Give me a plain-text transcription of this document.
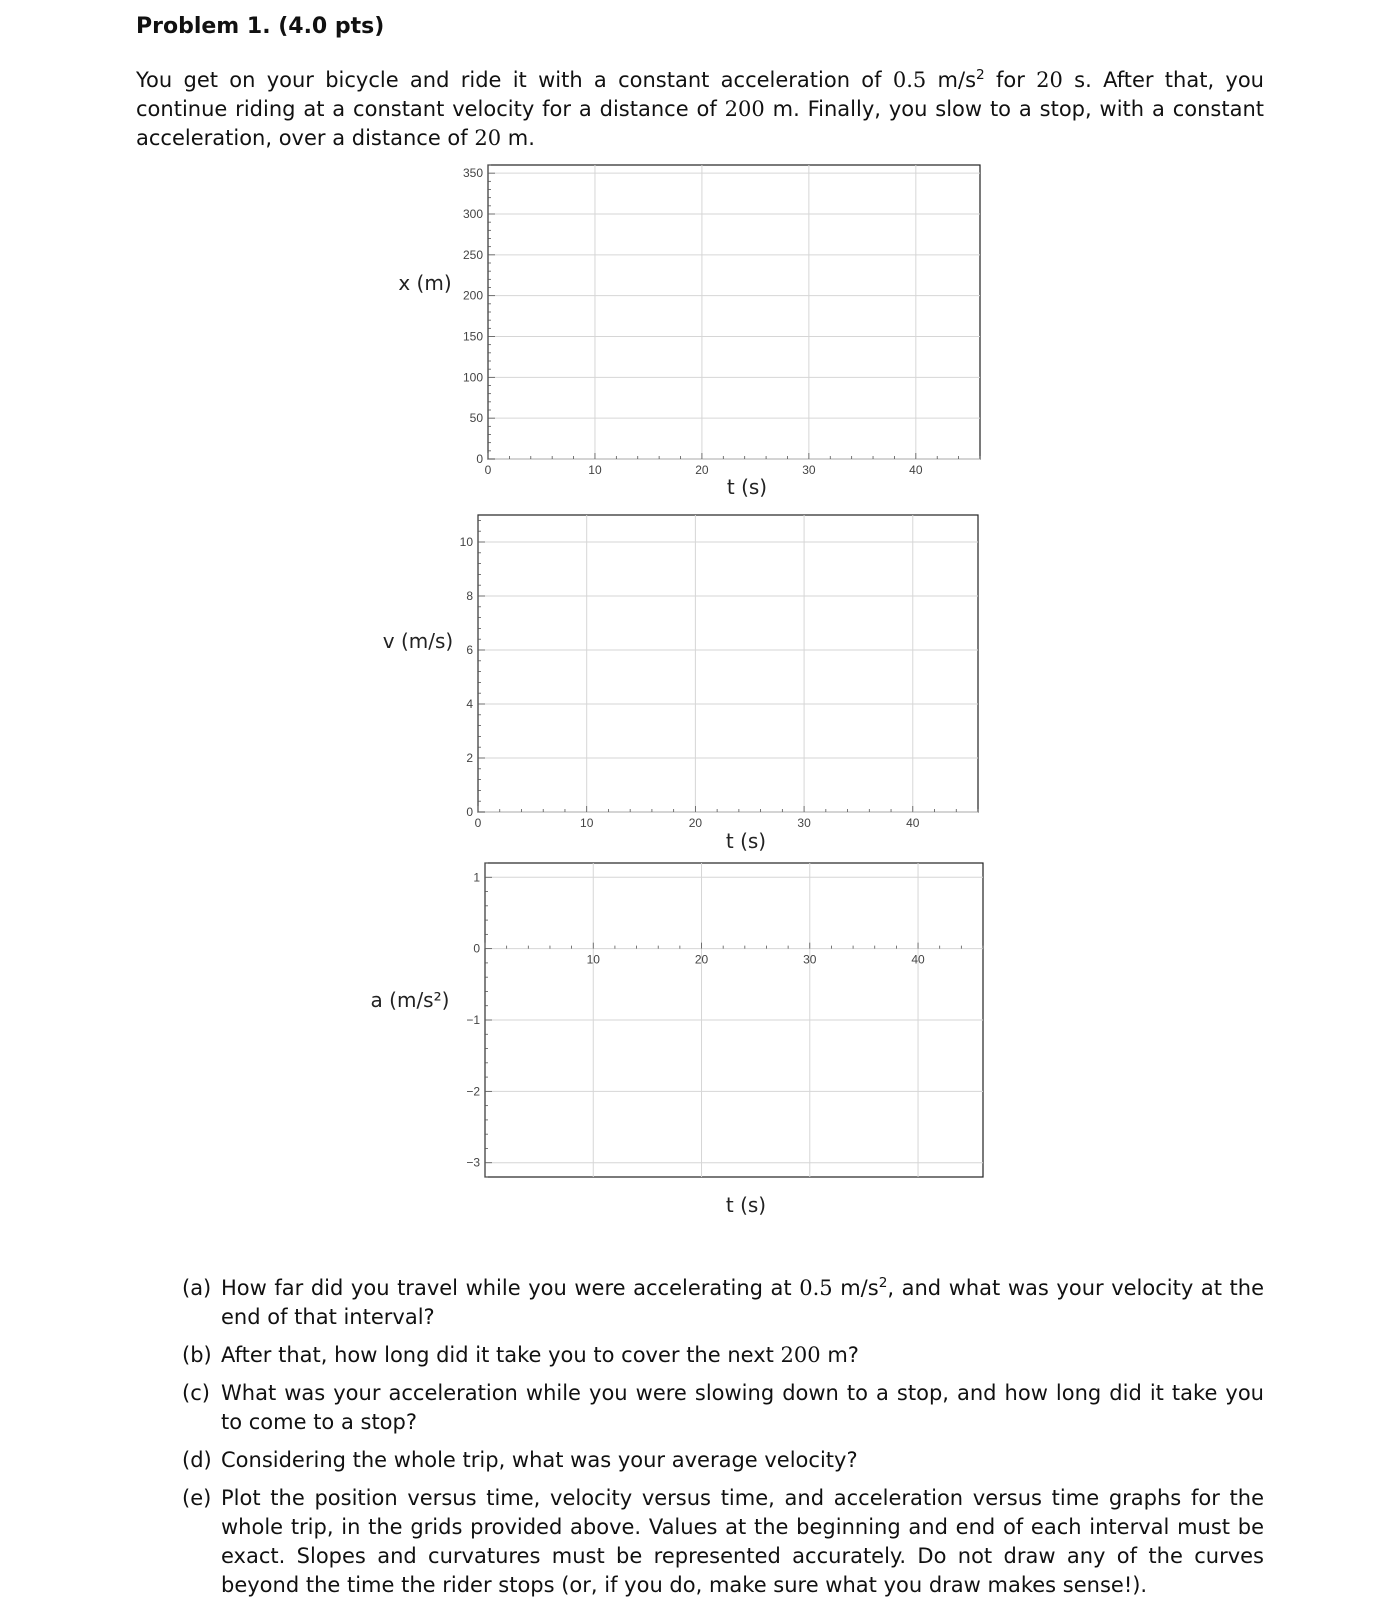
Problem 1. (4.0 pts)

You get on your bicycle and ride it with a constant acceleration of 0.5 $m/s^2$ for 20 s. After that, you continue riding at a constant velocity for a distance of 200 m. Finally, you slow to a stop, with a constant acceleration, over a distance of 20 m.

0
50
100
150
200
250
300
350
0	10	20	30	40
t (s)
x (m)
0
2
4
6
8
10
0	10	20	30	40
t (s)
v (m/s)
−3
−2
−1
0
1
10	20	30	40
t (s)
a (m/s²)
(a) How far did you travel while you were accelerating at 0.5 $m/s^2$, and what was your velocity at the end of that interval?
(b) After that, how long did it take you to cover the next 200 m?
(c) What was your acceleration while you were slowing down to a stop, and how long did it take you to come to a stop?
(d) Considering the whole trip, what was your average velocity?
(e) Plot the position versus time, velocity versus time, and acceleration versus time graphs for the whole trip, in the grids provided above. Values at the beginning and end of each interval must be exact. Slopes and curvatures must be represented accurately. Do not draw any of the curves beyond the time the rider stops (or, if you do, make sure what you draw makes sense!).
